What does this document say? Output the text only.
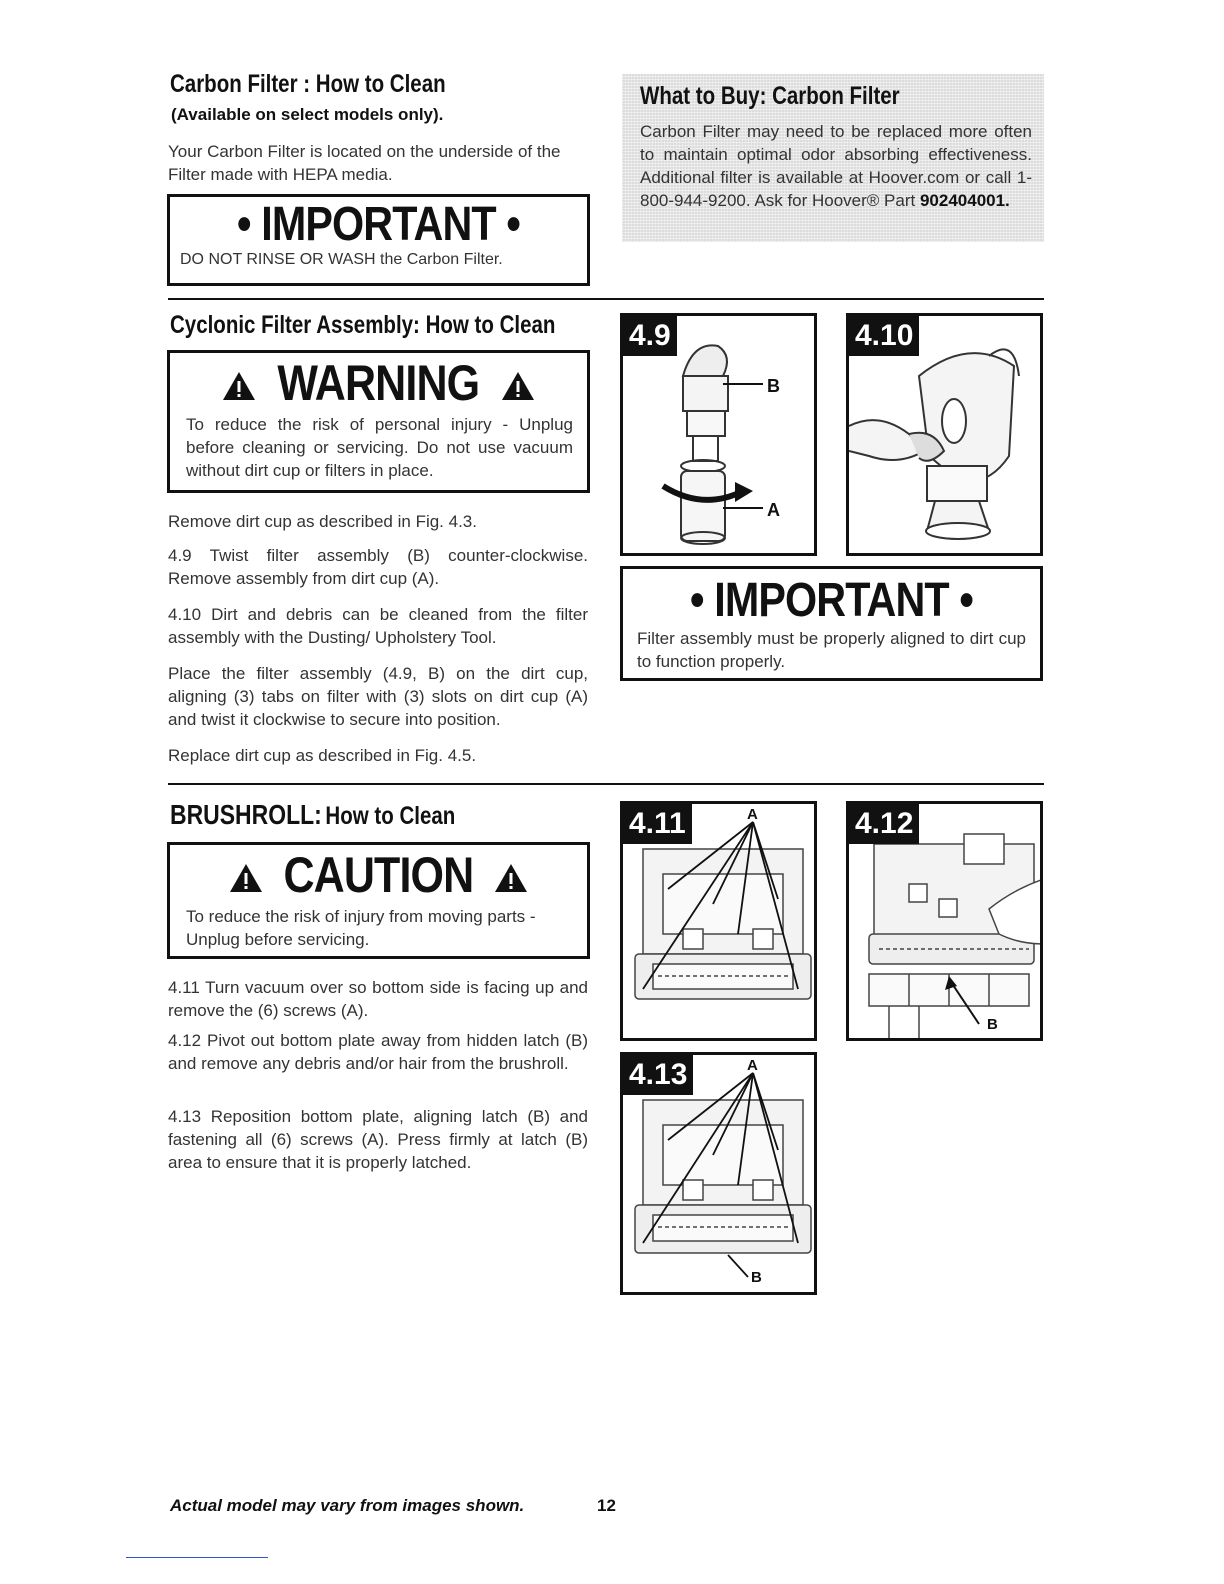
Carbon Filter : How to Clean
(Available on select models only).
Your Carbon Filter is located on the underside of the Filter made with HEPA media.
• IMPORTANT •
DO NOT RINSE OR WASH the Carbon Filter.
What to Buy: Carbon Filter
Carbon Filter may need to be replaced more often to maintain optimal odor absorbing effectiveness. Additional filter is available at Hoover.com or call 1-800-944-9200. Ask for Hoover® Part 902404001.
Cyclonic Filter Assembly: How to Clean
WARNING
To reduce the risk of personal injury - Unplug before cleaning or servicing. Do not use vacuum without dirt cup or filters in place.
Remove dirt cup as described in Fig. 4.3.
4.9 Twist filter assembly (B) counter-clockwise. Remove assembly from dirt cup (A).
4.10 Dirt and debris can be cleaned from the filter assembly with the Dusting/ Upholstery Tool.
Place the filter assembly (4.9, B) on the dirt cup, aligning (3) tabs on filter with (3) slots on dirt cup (A) and twist it clockwise to secure into position.
Replace dirt cup as described in Fig. 4.5.
4.9
B
A
4.10
• IMPORTANT •
Filter assembly must be properly aligned to dirt cup to function properly.
BRUSHROLL: How to Clean
CAUTION
To reduce the risk of injury from moving parts - Unplug before servicing.
4.11 Turn vacuum over so bottom side is facing up and remove the (6) screws (A).
4.12 Pivot out bottom plate away from hidden latch (B) and remove any debris and/or hair from the brushroll.
4.13 Reposition bottom plate, aligning latch (B) and fastening all (6) screws (A). Press firmly at latch (B) area to ensure that it is properly latched.
4.11	A	4.12
B
4.13	A
B
Actual model may vary from images shown.	12
